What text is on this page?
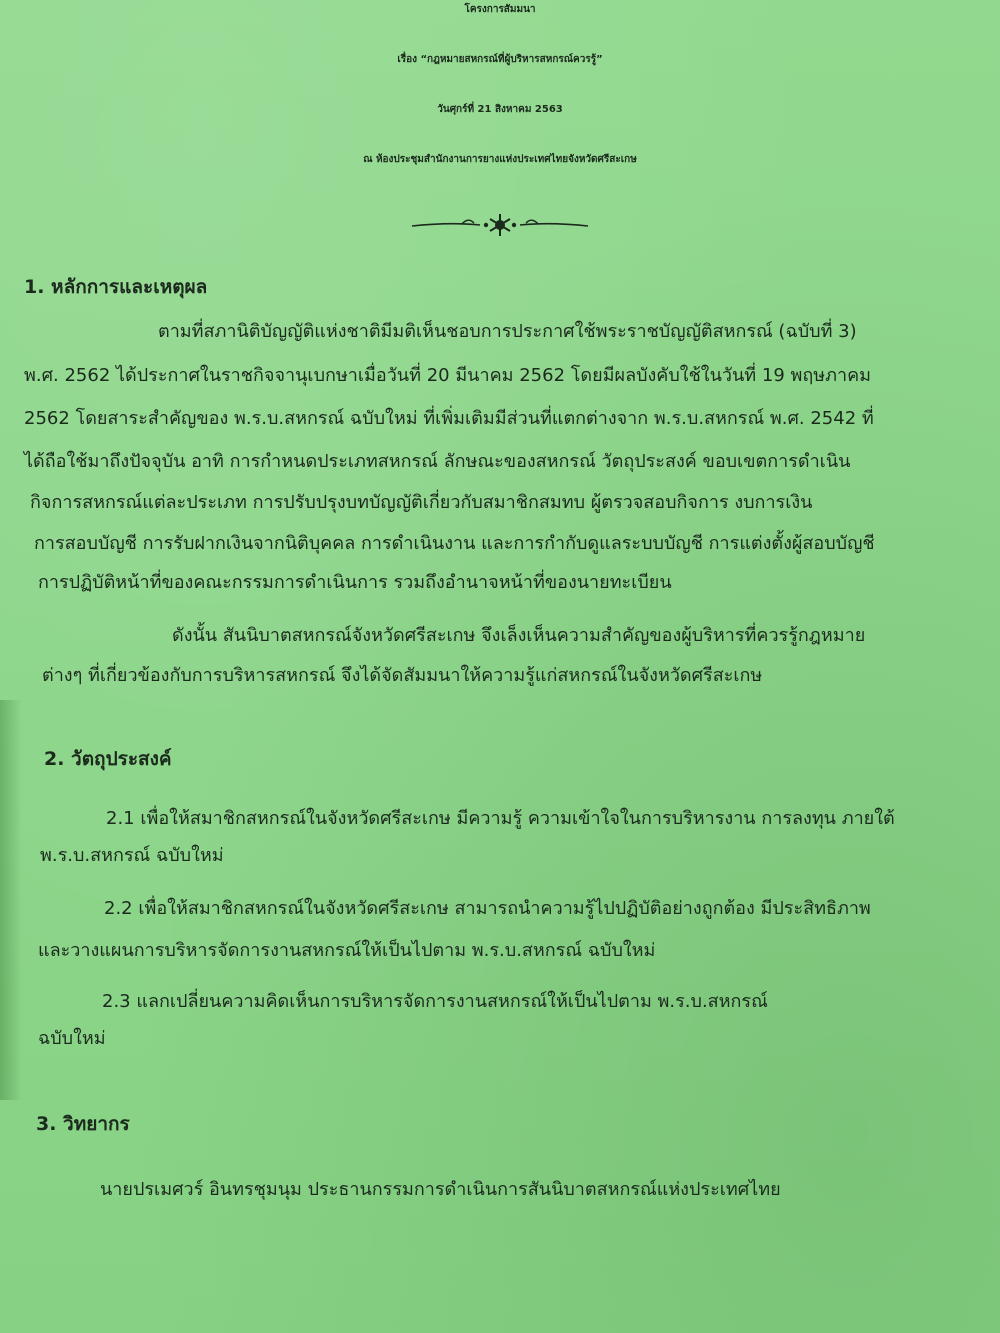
โครงการสัมมนา
เรื่อง “กฎหมายสหกรณ์ที่ผู้บริหารสหกรณ์ควรรู้”
วันศุกร์ที่ 21 สิงหาคม 2563
ณ ห้องประชุมสำนักงานการยางแห่งประเทศไทยจังหวัดศรีสะเกษ
1. หลักการและเหตุผล
ตามที่สภานิติบัญญัติแห่งชาติมีมติเห็นชอบการประกาศใช้พระราชบัญญัติสหกรณ์ (ฉบับที่ 3)
พ.ศ. 2562 ได้ประกาศในราชกิจจานุเบกษาเมื่อวันที่ 20 มีนาคม 2562 โดยมีผลบังคับใช้ในวันที่ 19 พฤษภาคม
2562 โดยสาระสำคัญของ พ.ร.บ.สหกรณ์ ฉบับใหม่ ที่เพิ่มเติมมีส่วนที่แตกต่างจาก พ.ร.บ.สหกรณ์ พ.ศ. 2542 ที่
ได้ถือใช้มาถึงปัจจุบัน อาทิ การกำหนดประเภทสหกรณ์ ลักษณะของสหกรณ์ วัตถุประสงค์ ขอบเขตการดำเนิน
กิจการสหกรณ์แต่ละประเภท การปรับปรุงบทบัญญัติเกี่ยวกับสมาชิกสมทบ ผู้ตรวจสอบกิจการ งบการเงิน
การสอบบัญชี การรับฝากเงินจากนิติบุคคล การดำเนินงาน และการกำกับดูแลระบบบัญชี การแต่งตั้งผู้สอบบัญชี
การปฏิบัติหน้าที่ของคณะกรรมการดำเนินการ รวมถึงอำนาจหน้าที่ของนายทะเบียน
ดังนั้น สันนิบาตสหกรณ์จังหวัดศรีสะเกษ จึงเล็งเห็นความสำคัญของผู้บริหารที่ควรรู้กฎหมาย
ต่างๆ ที่เกี่ยวข้องกับการบริหารสหกรณ์ จึงได้จัดสัมมนาให้ความรู้แก่สหกรณ์ในจังหวัดศรีสะเกษ
2. วัตถุประสงค์
2.1 เพื่อให้สมาชิกสหกรณ์ในจังหวัดศรีสะเกษ มีความรู้ ความเข้าใจในการบริหารงาน การลงทุน ภายใต้
พ.ร.บ.สหกรณ์ ฉบับใหม่
2.2 เพื่อให้สมาชิกสหกรณ์ในจังหวัดศรีสะเกษ สามารถนำความรู้ไปปฏิบัติอย่างถูกต้อง มีประสิทธิภาพ
และวางแผนการบริหารจัดการงานสหกรณ์ให้เป็นไปตาม พ.ร.บ.สหกรณ์ ฉบับใหม่
2.3 แลกเปลี่ยนความคิดเห็นการบริหารจัดการงานสหกรณ์ให้เป็นไปตาม พ.ร.บ.สหกรณ์
ฉบับใหม่
3. วิทยากร
นายปรเมศวร์ อินทรชุมนุม ประธานกรรมการดำเนินการสันนิบาตสหกรณ์แห่งประเทศไทย
